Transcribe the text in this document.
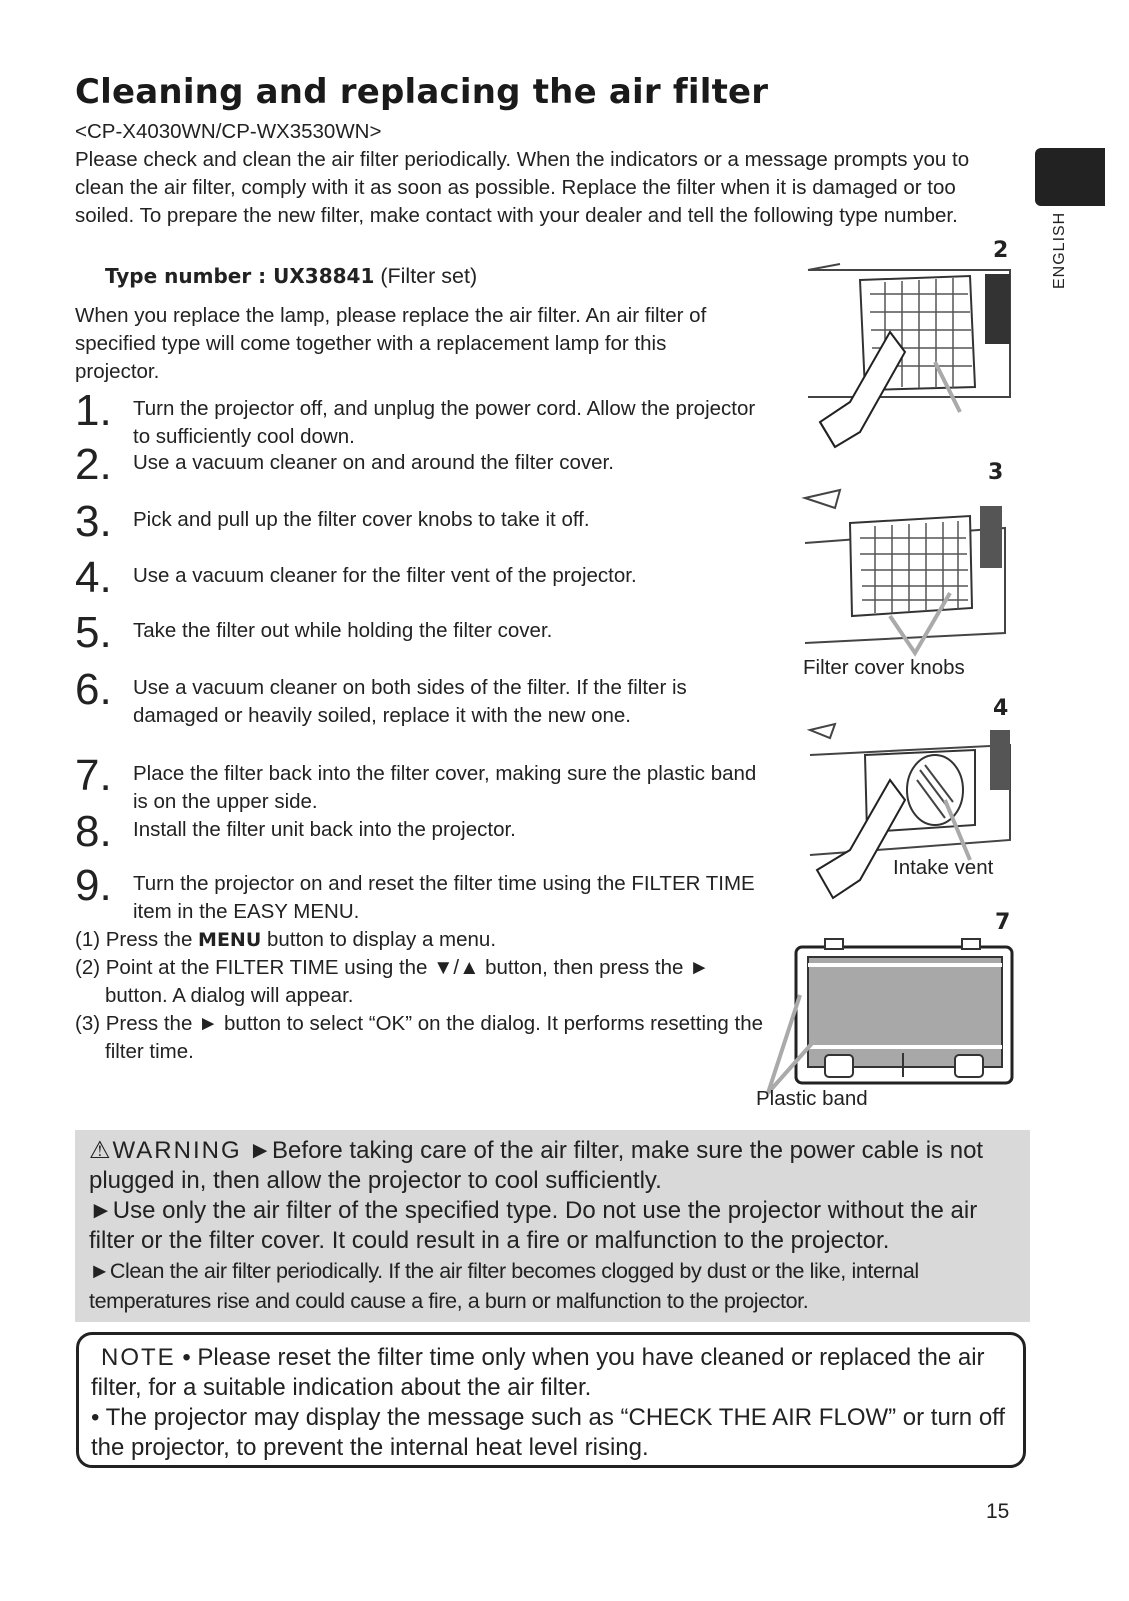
Cleaning and replacing the air filter
<CP-X4030WN/CP-WX3530WN>
Please check and clean the air filter periodically. When the indicators or a message prompts you to clean the air filter, comply with it as soon as possible. Replace the filter when it is damaged or too soiled. To prepare the new filter, make contact with your dealer and tell the following type number.
Type number : UX38841 (Filter set)
When you replace the lamp, please replace the air filter. An air filter of specified type will come together with a replacement lamp for this projector.
1. Turn the projector off, and unplug the power cord. Allow the projector to sufficiently cool down.
2. Use a vacuum cleaner on and around the filter cover.
3. Pick and pull up the filter cover knobs to take it off.
4. Use a vacuum cleaner for the filter vent of the projector.
5. Take the filter out while holding the filter cover.
6. Use a vacuum cleaner on both sides of the filter. If the filter is damaged or heavily soiled, replace it with the new one.
7. Place the filter back into the filter cover, making sure the plastic band is on the upper side.
8. Install the filter unit back into the projector.
9. Turn the projector on and reset the filter time using the FILTER TIME item in the EASY MENU.
(1) Press the MENU button to display a menu.
(2) Point at the FILTER TIME using the ▼/▲ button, then press the ► button. A dialog will appear.
(3) Press the ► button to select “OK” on the dialog. It performs resetting the filter time.
ENGLISH
2
3
Filter cover knobs
4
Intake vent
7
Plastic band
⚠WARNING ►Before taking care of the air filter, make sure the power cable is not plugged in, then allow the projector to cool sufficiently.
►Use only the air filter of the specified type. Do not use the projector without the air filter or the filter cover. It could result in a fire or malfunction to the projector.
►Clean the air filter periodically. If the air filter becomes clogged by dust or the like, internal temperatures rise and could cause a fire, a burn or malfunction to the projector.
NOTE • Please reset the filter time only when you have cleaned or replaced the air filter, for a suitable indication about the air filter.
• The projector may display the message such as “CHECK THE AIR FLOW” or turn off the projector, to prevent the internal heat level rising.
15
